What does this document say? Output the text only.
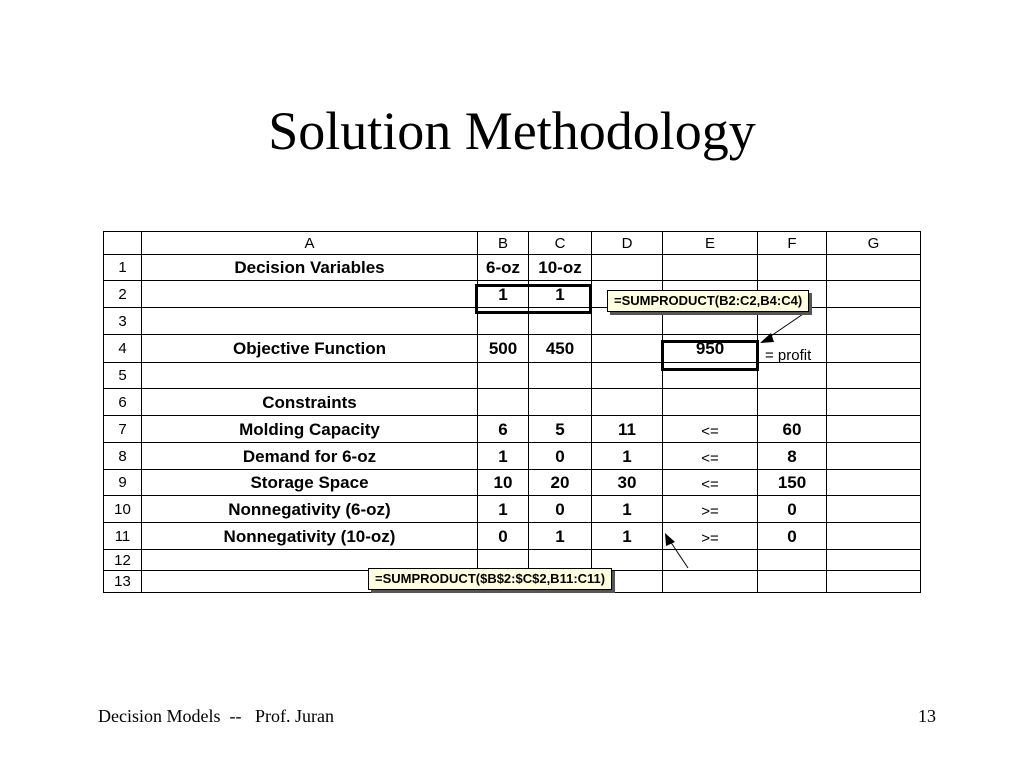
Solution Methodology
	A	B	C	D	E	F	G
1	Decision Variables	6-oz	10-oz				
2		1	1				
3							
4	Objective Function	500	450		950		
5							
6	Constraints						
7	Molding Capacity	6	5	11	<=	60	
8	Demand for 6-oz	1	0	1	<=	8	
9	Storage Space	10	20	30	<=	150	
10	Nonnegativity (6-oz)	1	0	1	>=	0	
11	Nonnegativity (10-oz)	0	1	1	>=	0	
12							
13							
= profit
=SUMPRODUCT(B2:C2,B4:C4)
=SUMPRODUCT($B$2:$C$2,B11:C11)
Decision Models  --   Prof. Juran	13
